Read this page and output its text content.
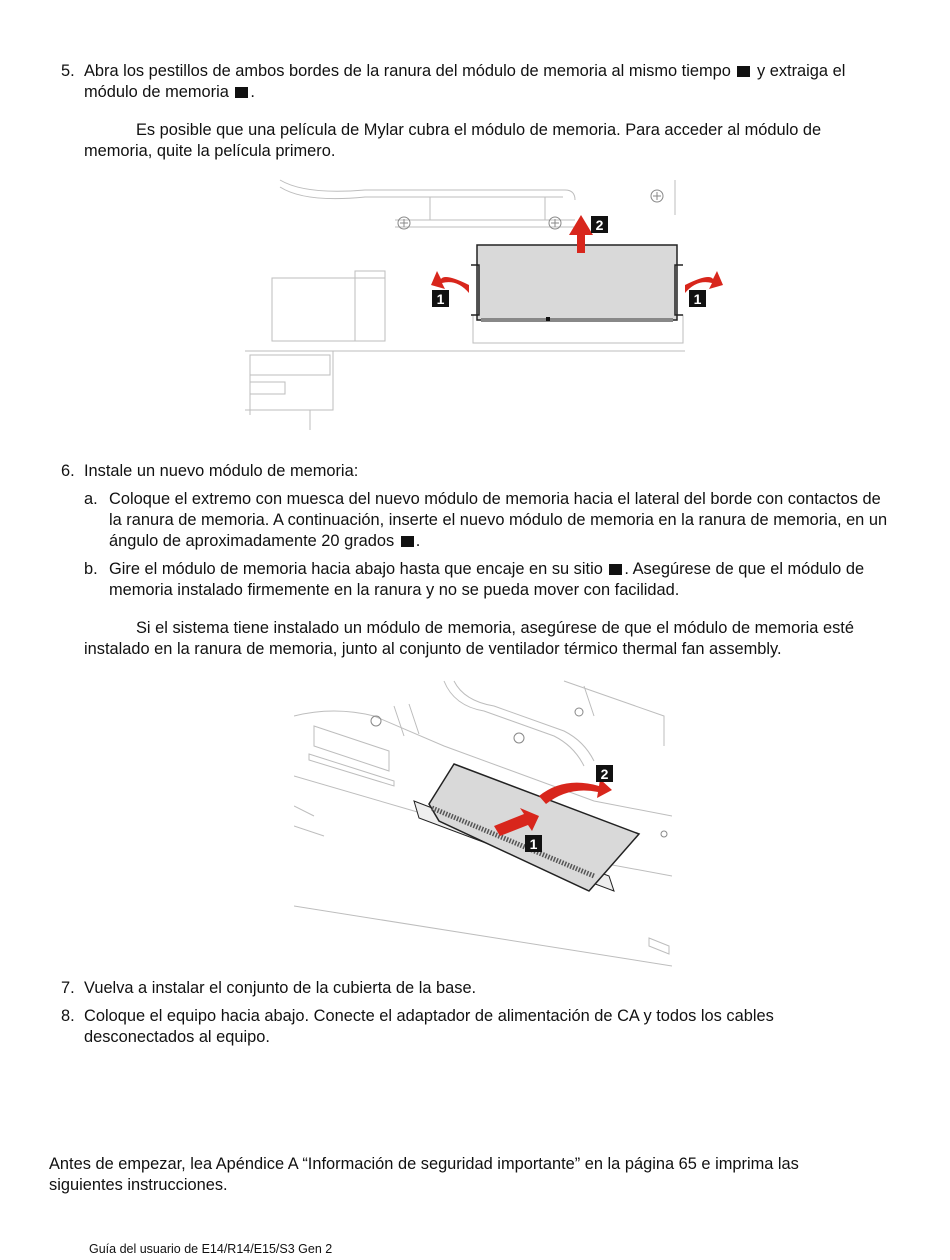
5. Abra los pestillos de ambos bordes de la ranura del módulo de memoria al mismo tiempo y extraiga el módulo de memoria .

Es posible que una película de Mylar cubra el módulo de memoria. Para acceder al módulo de memoria, quite la película primero.

2
1	1
6. Instale un nuevo módulo de memoria:

a. Coloque el extremo con muesca del nuevo módulo de memoria hacia el lateral del borde con contactos de la ranura de memoria. A continuación, inserte el nuevo módulo de memoria en la ranura de memoria, en un ángulo de aproximadamente 20 grados .

b. Gire el módulo de memoria hacia abajo hasta que encaje en su sitio . Asegúrese de que el módulo de memoria instalado firmemente en la ranura y no se pueda mover con facilidad.

Si el sistema tiene instalado un módulo de memoria, asegúrese de que el módulo de memoria esté instalado en la ranura de memoria, junto al conjunto de ventilador térmico thermal fan assembly.

2
1
7. Vuelva a instalar el conjunto de la cubierta de la base.

8. Coloque el equipo hacia abajo. Conecte el adaptador de alimentación de CA y todos los cables desconectados al equipo.

Antes de empezar, lea Apéndice A “Información de seguridad importante” en la página 65 e imprima las siguientes instrucciones.

Guía del usuario de E14/R14/E15/S3 Gen 2
